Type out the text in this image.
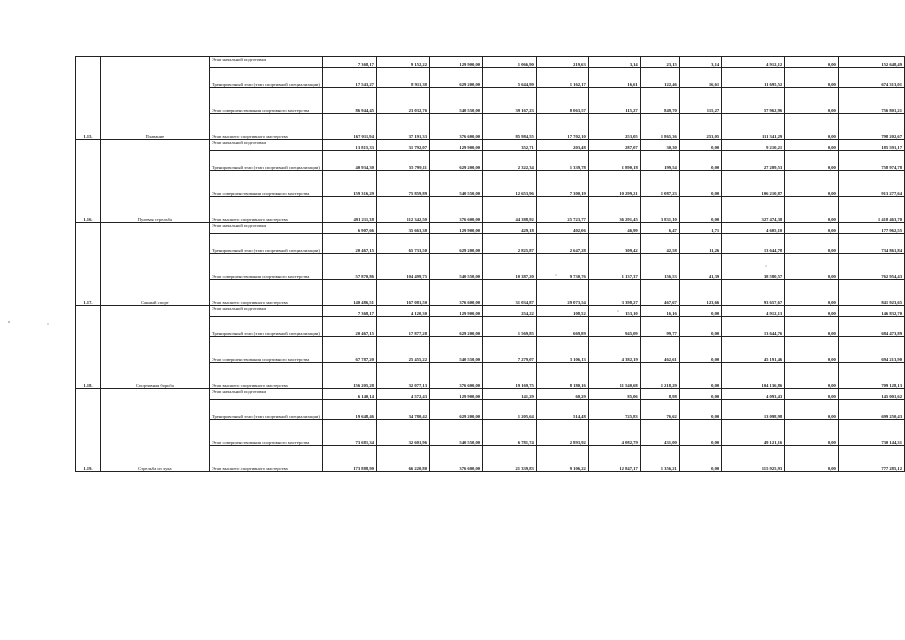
1.15.	Плавание	Этап начальной подготовки	7 368,17	9 152,22	129 900,00	1 066,90	219,63	3,14	23,15	3,14	4 912,12	0,00	152 648,49
		Тренировочный этап (этап спортивной специализации)	17 543,27	8 911,38	629 200,00	5 644,99	1 162,17	16,61	122,46	16,61	11 695,52	0,00	674 313,01
		Этап совершенствования спортивного мастерства	86 944,45	23 032,76	540 550,00	39 167,23	8 063,57	115,27	849,70	115,27	57 962,96	0,00	756 801,21
		Этап высшего спортивного мастерства	167 011,94	37 191,33	376 600,00	85 984,55	17 702,10	253,05	1 865,36	253,05	111 341,29	0,00	798 202,67
1.16.	Пулевая стрельба	Этап начальной подготовки	13 815,33	31 792,07	129 900,00	352,71	203,48	287,07	30,30	0,00	9 210,21	0,00	185 591,17
		Тренировочный этап (этап спортивной специализации)	40 934,30	55 799,11	629 200,00	2 322,34	1 339,78	1 890,18	199,54	0,00	27 289,53	0,00	758 974,78
		Этап совершенствования спортивного мастерства	159 316,29	75 859,89	540 550,00	12 653,96	7 300,19	10 299,21	1 087,23	0,00	106 210,87	0,00	913 277,64
		Этап высшего спортивного мастерства	491 211,38	112 342,50	376 600,00	44 388,92	25 723,77	36 291,45	3 831,10	0,00	327 474,38	0,00	1 418 463,70
1.17.	Санный спорт	Этап начальной подготовки	6 907,66	35 663,38	129 900,00	429,18	402,06	46,99	6,47	1,71	4 605,10	0,00	177 962,55
		Тренировочный этап (этап спортивной специализации)	20 467,15	65 733,50	629 200,00	2 825,87	2 647,28	309,42	42,58	11,26	13 644,78	0,00	734 861,84
		Этап совершенствования спортивного мастерства	57 870,86	104 499,75	540 550,00	10 387,20	9 730,76	1 137,37	156,53	41,39	38 580,57	0,00	762 954,43
		Этап высшего спортивного мастерства	140 486,51	167 081,50	376 600,00	31 034,87	29 073,54	3 398,27	467,67	123,66	93 657,67	0,00	841 923,65
1.18.	Спортивная борьба	Этап начальной подготовки	7 368,17	4 120,30	129 900,00	254,22	108,52	153,10	16,16	0,00	4 912,13	0,00	146 832,70
		Тренировочный этап (этап спортивной специализации)	20 467,15	17 877,28	629 200,00	1 569,85	669,89	945,09	99,77	0,00	13 644,76	0,00	684 473,89
		Этап совершенствования спортивного мастерства	67 787,20	25 455,22	540 550,00	7 279,07	3 106,13	4 382,19	462,61	0,00	45 191,46	0,00	694 213,90
		Этап высшего спортивного мастерства	156 205,28	32 077,13	376 600,00	19 169,75	8 180,16	11 540,68	1 218,29	0,00	104 136,86	0,00	709 128,13
1.19.	Стрельба из лука	Этап начальной подготовки	6 140,14	4 572,43	129 900,00	141,29	60,29	85,06	8,98	0,00	4 093,43	0,00	145 001,62
		Тренировочный этап (этап спортивной специализации)	19 648,46	34 780,42	629 200,00	1 205,64	514,48	725,83	76,62	0,00	13 098,98	0,00	699 250,43
		Этап совершенствования спортивного мастерства	73 681,34	32 601,96	540 550,00	6 781,74	2 893,92	4 082,79	431,00	0,00	49 121,16	0,00	730 144,31
		Этап высшего спортивного мастерства	173 888,90	66 220,80	376 600,00	21 339,83	9 106,22	12 847,17	1 356,21	0,00	115 925,93	0,00	777 285,12
